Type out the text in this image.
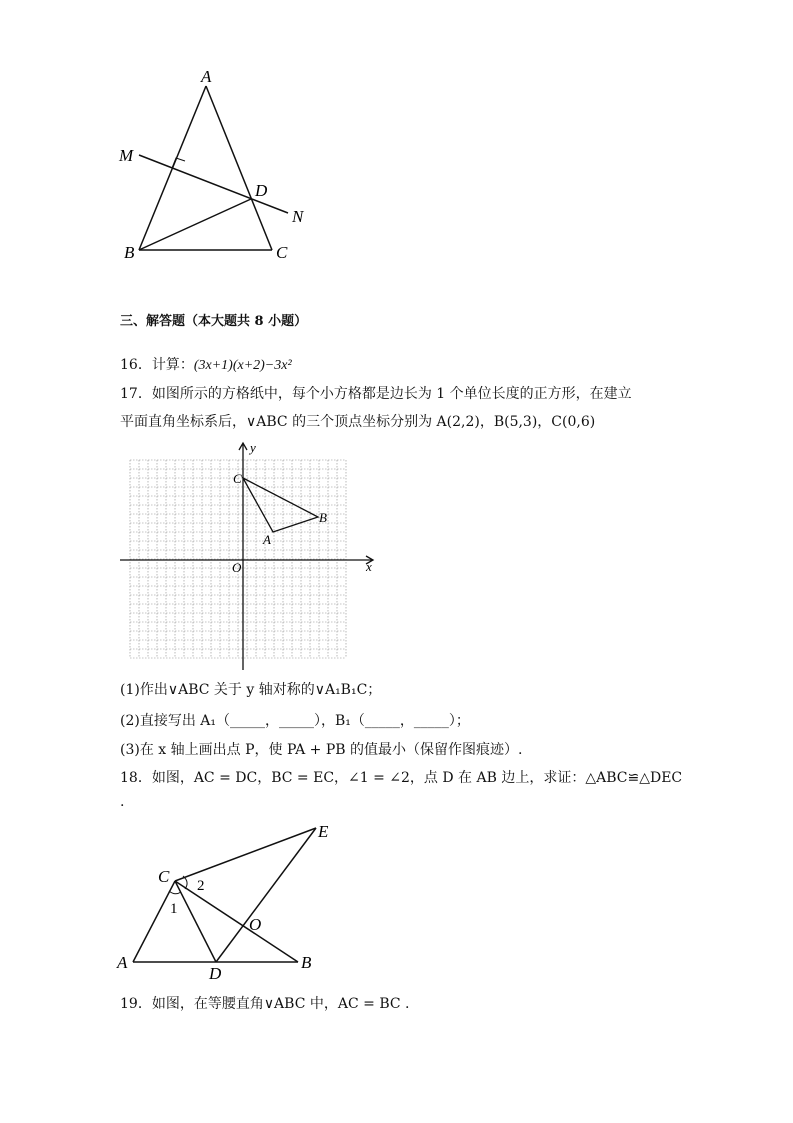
A
M
D
N
B	C
三、解答题（本大题共 8 小题）
16．计算：(3x+1)(x+2)−3x²
17．如图所示的方格纸中，每个小方格都是边长为 1 个单位长度的正方形，在建立
平面直角坐标系后，∨ABC 的三个顶点坐标分别为 A(2,2)，B(5,3)，C(0,6)
y
x
O
C
B
A
(1)作出∨ABC 关于 y 轴对称的∨A₁B₁C；
(2)直接写出 A₁（_____，_____），B₁（_____，_____）；
(3)在 x 轴上画出点 P，使 PA + PB 的值最小（保留作图痕迹）.
18．如图，AC = DC，BC = EC，∠1 = ∠2，点 D 在 AB 边上，求证：△ABC≌△DEC
.
E
C 2
1
O
A
D
B
19．如图，在等腰直角∨ABC 中，AC = BC .
